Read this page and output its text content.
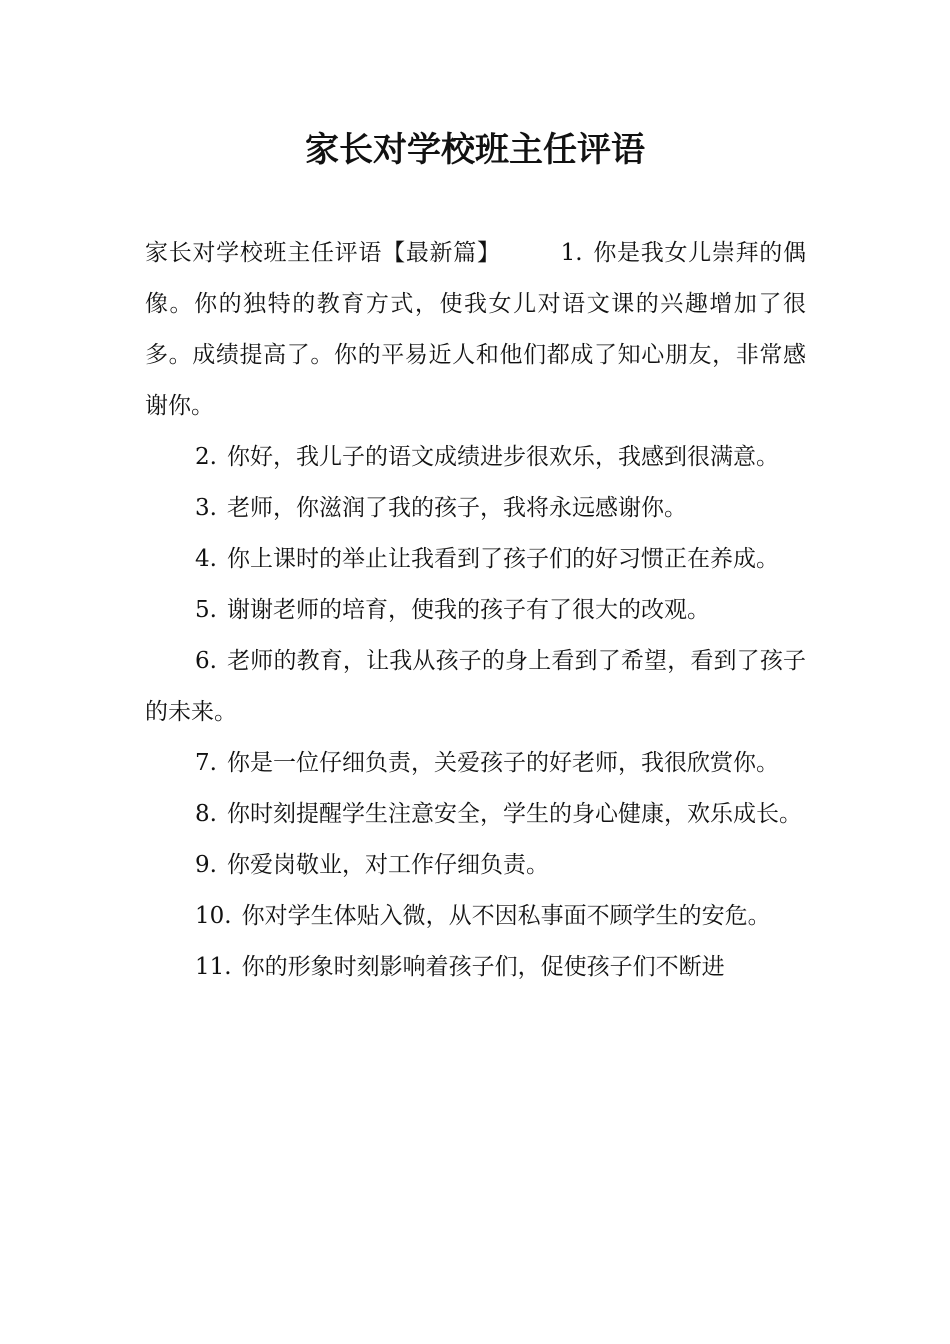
家长对学校班主任评语

家长对学校班主任评语【最新篇】	1. 你是我女儿崇拜的偶像。你的独特的教育方式，使我女儿对语文课的兴趣增加了很多。成绩提高了。你的平易近人和他们都成了知心朋友，非常感谢你。

2. 你好，我儿子的语文成绩进步很欢乐，我感到很满意。

3. 老师，你滋润了我的孩子，我将永远感谢你。

4. 你上课时的举止让我看到了孩子们的好习惯正在养成。

5. 谢谢老师的培育，使我的孩子有了很大的改观。

6. 老师的教育，让我从孩子的身上看到了希望，看到了孩子的未来。

7. 你是一位仔细负责，关爱孩子的好老师，我很欣赏你。

8. 你时刻提醒学生注意安全，学生的身心健康，欢乐成长。

9. 你爱岗敬业，对工作仔细负责。

10. 你对学生体贴入微，从不因私事面不顾学生的安危。

11. 你的形象时刻影响着孩子们，促使孩子们不断进
